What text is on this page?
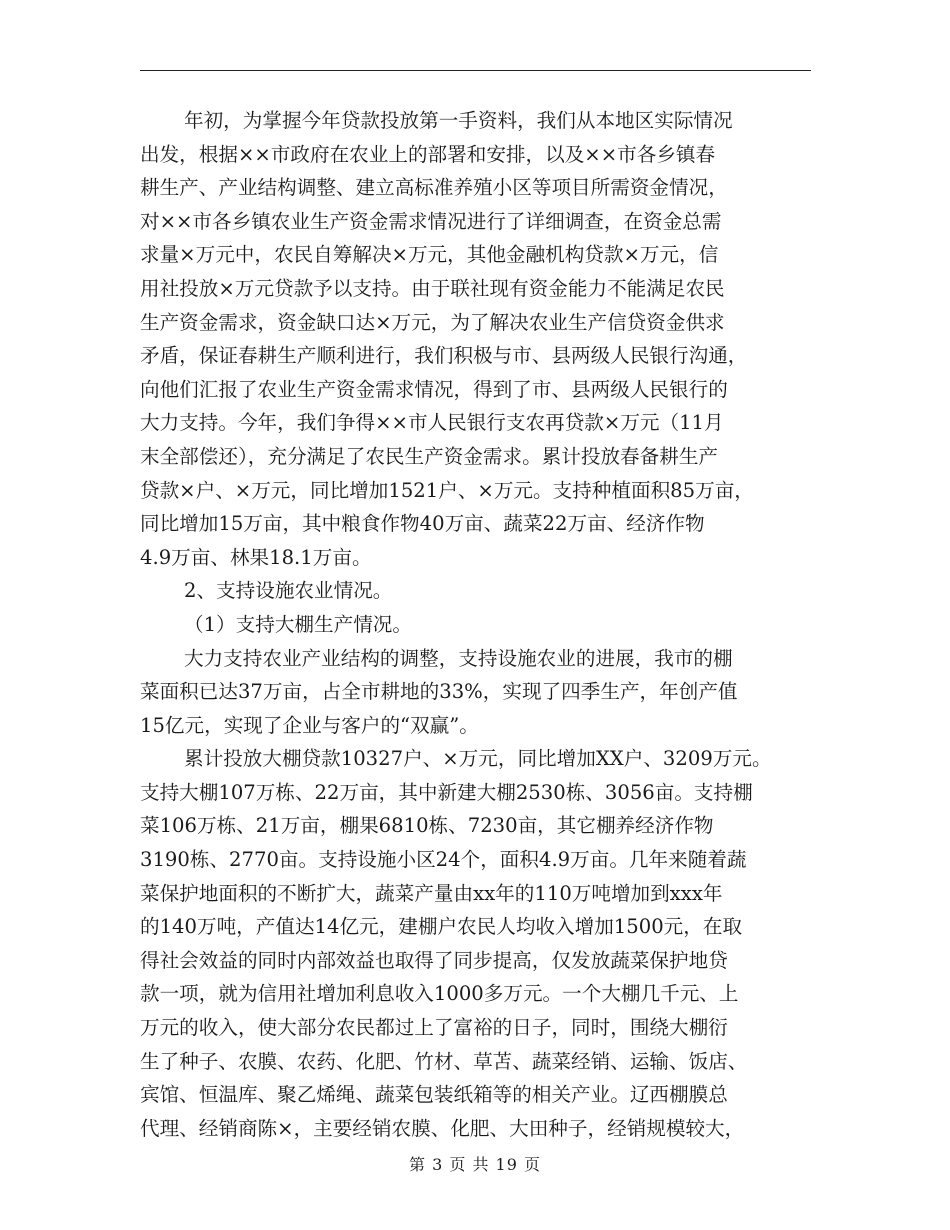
年初，为掌握今年贷款投放第一手资料，我们从本地区实际情况
出发，根据××市政府在农业上的部署和安排，以及××市各乡镇春
耕生产、产业结构调整、建立高标准养殖小区等项目所需资金情况，
对××市各乡镇农业生产资金需求情况进行了详细调查，在资金总需
求量×万元中，农民自筹解决×万元，其他金融机构贷款×万元，信
用社投放×万元贷款予以支持。由于联社现有资金能力不能满足农民
生产资金需求，资金缺口达×万元，为了解决农业生产信贷资金供求
矛盾，保证春耕生产顺利进行，我们积极与市、县两级人民银行沟通，
向他们汇报了农业生产资金需求情况，得到了市、县两级人民银行的
大力支持。今年，我们争得××市人民银行支农再贷款×万元（11月
末全部偿还），充分满足了农民生产资金需求。累计投放春备耕生产
贷款×户、×万元，同比增加1521户、×万元。支持种植面积85万亩，
同比增加15万亩，其中粮食作物40万亩、蔬菜22万亩、经济作物
4.9万亩、林果18.1万亩。
2、支持设施农业情况。
（1）支持大棚生产情况。
大力支持农业产业结构的调整，支持设施农业的进展，我市的棚
菜面积已达37万亩，占全市耕地的33%，实现了四季生产，年创产值
15亿元，实现了企业与客户的“双赢”。
累计投放大棚贷款10327户、×万元，同比增加XX户、3209万元。
支持大棚107万栋、22万亩，其中新建大棚2530栋、3056亩。支持棚
菜106万栋、21万亩，棚果6810栋、7230亩，其它棚养经济作物
3190栋、2770亩。支持设施小区24个，面积4.9万亩。几年来随着蔬
菜保护地面积的不断扩大，蔬菜产量由xx年的110万吨增加到xxx年
的140万吨，产值达14亿元，建棚户农民人均收入增加1500元，在取
得社会效益的同时内部效益也取得了同步提高，仅发放蔬菜保护地贷
款一项，就为信用社增加利息收入1000多万元。一个大棚几千元、上
万元的收入，使大部分农民都过上了富裕的日子，同时，围绕大棚衍
生了种子、农膜、农药、化肥、竹材、草苫、蔬菜经销、运输、饭店、
宾馆、恒温库、聚乙烯绳、蔬菜包装纸箱等的相关产业。辽西棚膜总
代理、经销商陈×，主要经销农膜、化肥、大田种子，经销规模较大，
第 3 页 共 19 页
